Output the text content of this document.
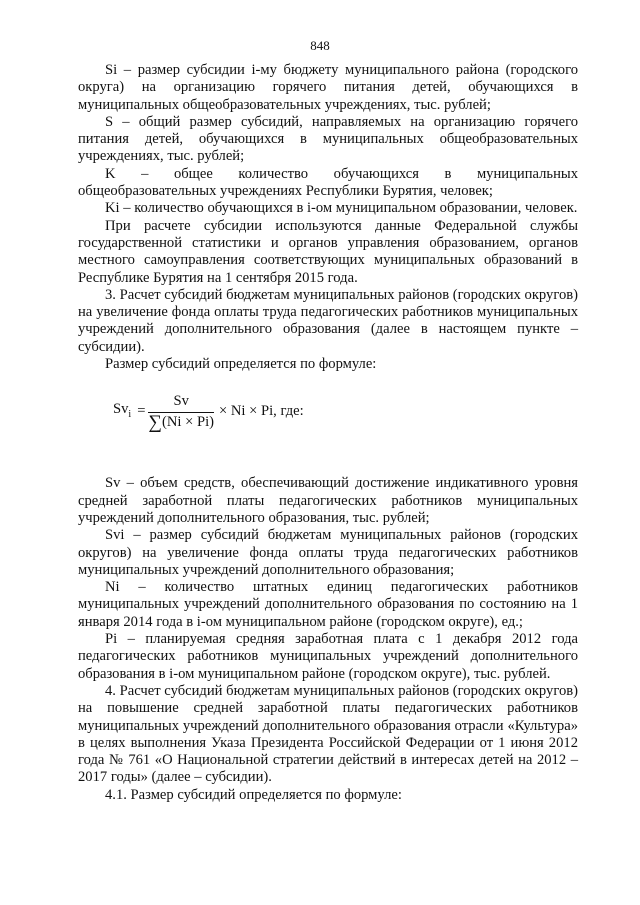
848

Si – размер субсидии i-му бюджету муниципального района (городского округа) на организацию горячего питания детей, обучающихся в муниципальных общеобразовательных учреждениях, тыс. рублей;

S – общий размер субсидий, направляемых на организацию горячего питания детей, обучающихся в муниципальных общеобразовательных учреждениях, тыс. рублей;

K – общее количество обучающихся в муниципальных общеобразовательных учреждениях Республики Бурятия, человек;

Ki – количество обучающихся в i-ом муниципальном образовании, человек.

При расчете субсидии используются данные Федеральной службы государственной статистики и органов управления образованием, органов местного самоуправления соответствующих муниципальных образований в Республике Бурятия на 1 сентября 2015 года.

3. Расчет субсидий бюджетам муниципальных районов (городских округов) на увеличение фонда оплаты труда педагогических работников муниципальных учреждений дополнительного образования (далее в настоящем пункте – субсидии).

Размер субсидий определяется по формуле:

$Sv_i = \frac{Sv}{\sum(Ni \times Pi)} \times Ni \times Pi$, где:

Sv – объем средств, обеспечивающий достижение индикативного уровня средней заработной платы педагогических работников муниципальных учреждений дополнительного образования, тыс. рублей;

Svi – размер субсидий бюджетам муниципальных районов (городских округов) на увеличение фонда оплаты труда педагогических работников муниципальных учреждений дополнительного образования;

Ni – количество штатных единиц педагогических работников муниципальных учреждений дополнительного образования по состоянию на 1 января 2014 года в i-ом муниципальном районе (городском округе), ед.;

Pi – планируемая средняя заработная плата с 1 декабря 2012 года педагогических работников муниципальных учреждений дополнительного образования в i-ом муниципальном районе (городском округе), тыс. рублей.

4. Расчет субсидий бюджетам муниципальных районов (городских округов) на повышение средней заработной платы педагогических работников муниципальных учреждений дополнительного образования отрасли «Культура» в целях выполнения Указа Президента Российской Федерации от 1 июня 2012 года № 761 «О Национальной стратегии действий в интересах детей на 2012 – 2017 годы» (далее – субсидии).

4.1. Размер субсидий определяется по формуле:
